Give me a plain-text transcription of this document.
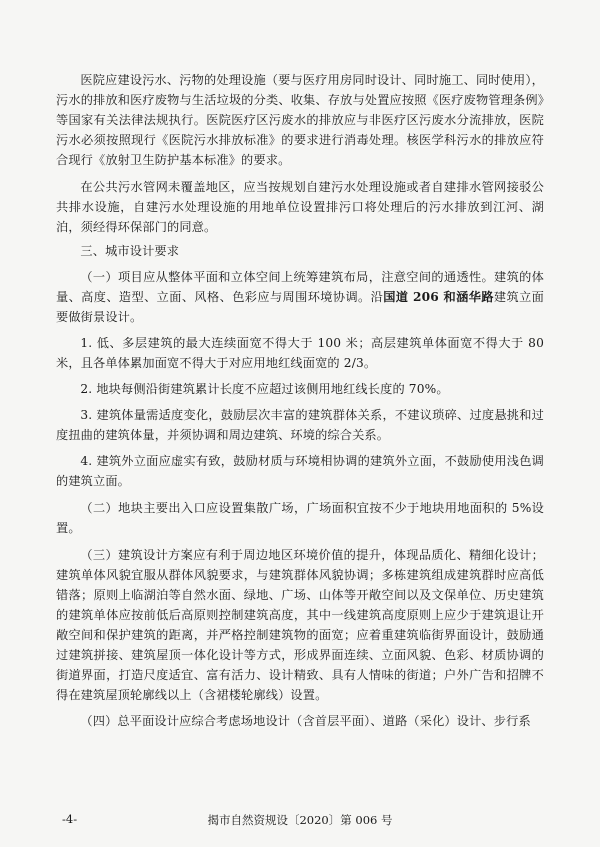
医院应建设污水、污物的处理设施（要与医疗用房同时设计、同时施工、同时使用），污水的排放和医疗废物与生活垃圾的分类、收集、存放与处置应按照《医疗废物管理条例》等国家有关法律法规执行。医院医疗区污废水的排放应与非医疗区污废水分流排放，医院污水必须按照现行《医院污水排放标准》的要求进行消毒处理。核医学科污水的排放应符合现行《放射卫生防护基本标准》的要求。

在公共污水管网未覆盖地区，应当按规划自建污水处理设施或者自建排水管网接驳公共排水设施，自建污水处理设施的用地单位设置排污口将处理后的污水排放到江河、湖泊，须经得环保部门的同意。

三、城市设计要求

（一）项目应从整体平面和立体空间上统筹建筑布局，注意空间的通透性。建筑的体量、高度、造型、立面、风格、色彩应与周围环境协调。沿国道 206 和涵华路建筑立面要做街景设计。

1. 低、多层建筑的最大连续面宽不得大于 100 米；高层建筑单体面宽不得大于 80 米，且各单体累加面宽不得大于对应用地红线面宽的 2/3。

2. 地块每侧沿街建筑累计长度不应超过该侧用地红线长度的 70%。

3. 建筑体量需适度变化，鼓励层次丰富的建筑群体关系，不建议琐碎、过度悬挑和过度扭曲的建筑体量，并须协调和周边建筑、环境的综合关系。

4. 建筑外立面应虚实有致，鼓励材质与环境相协调的建筑外立面，不鼓励使用浅色调的建筑立面。

（二）地块主要出入口应设置集散广场，广场面积宜按不少于地块用地面积的 5%设置。

（三）建筑设计方案应有利于周边地区环境价值的提升，体现品质化、精细化设计；建筑单体风貌宜服从群体风貌要求，与建筑群体风貌协调；多栋建筑组成建筑群时应高低错落；原则上临湖泊等自然水面、绿地、广场、山体等开敞空间以及文保单位、历史建筑的建筑单体应按前低后高原则控制建筑高度，其中一线建筑高度原则上应少于建筑退让开敞空间和保护建筑的距离，并严格控制建筑物的面宽；应着重建筑临街界面设计，鼓励通过建筑拼接、建筑屋顶一体化设计等方式，形成界面连续、立面风貌、色彩、材质协调的街道界面，打造尺度适宜、富有活力、设计精致、具有人情味的街道；户外广告和招牌不得在建筑屋顶轮廓线以上（含裙楼轮廓线）设置。

（四）总平面设计应综合考虑场地设计（含首层平面）、道路（采化）设计、步行系

-4-	揭市自然资规设〔2020〕第 006 号
